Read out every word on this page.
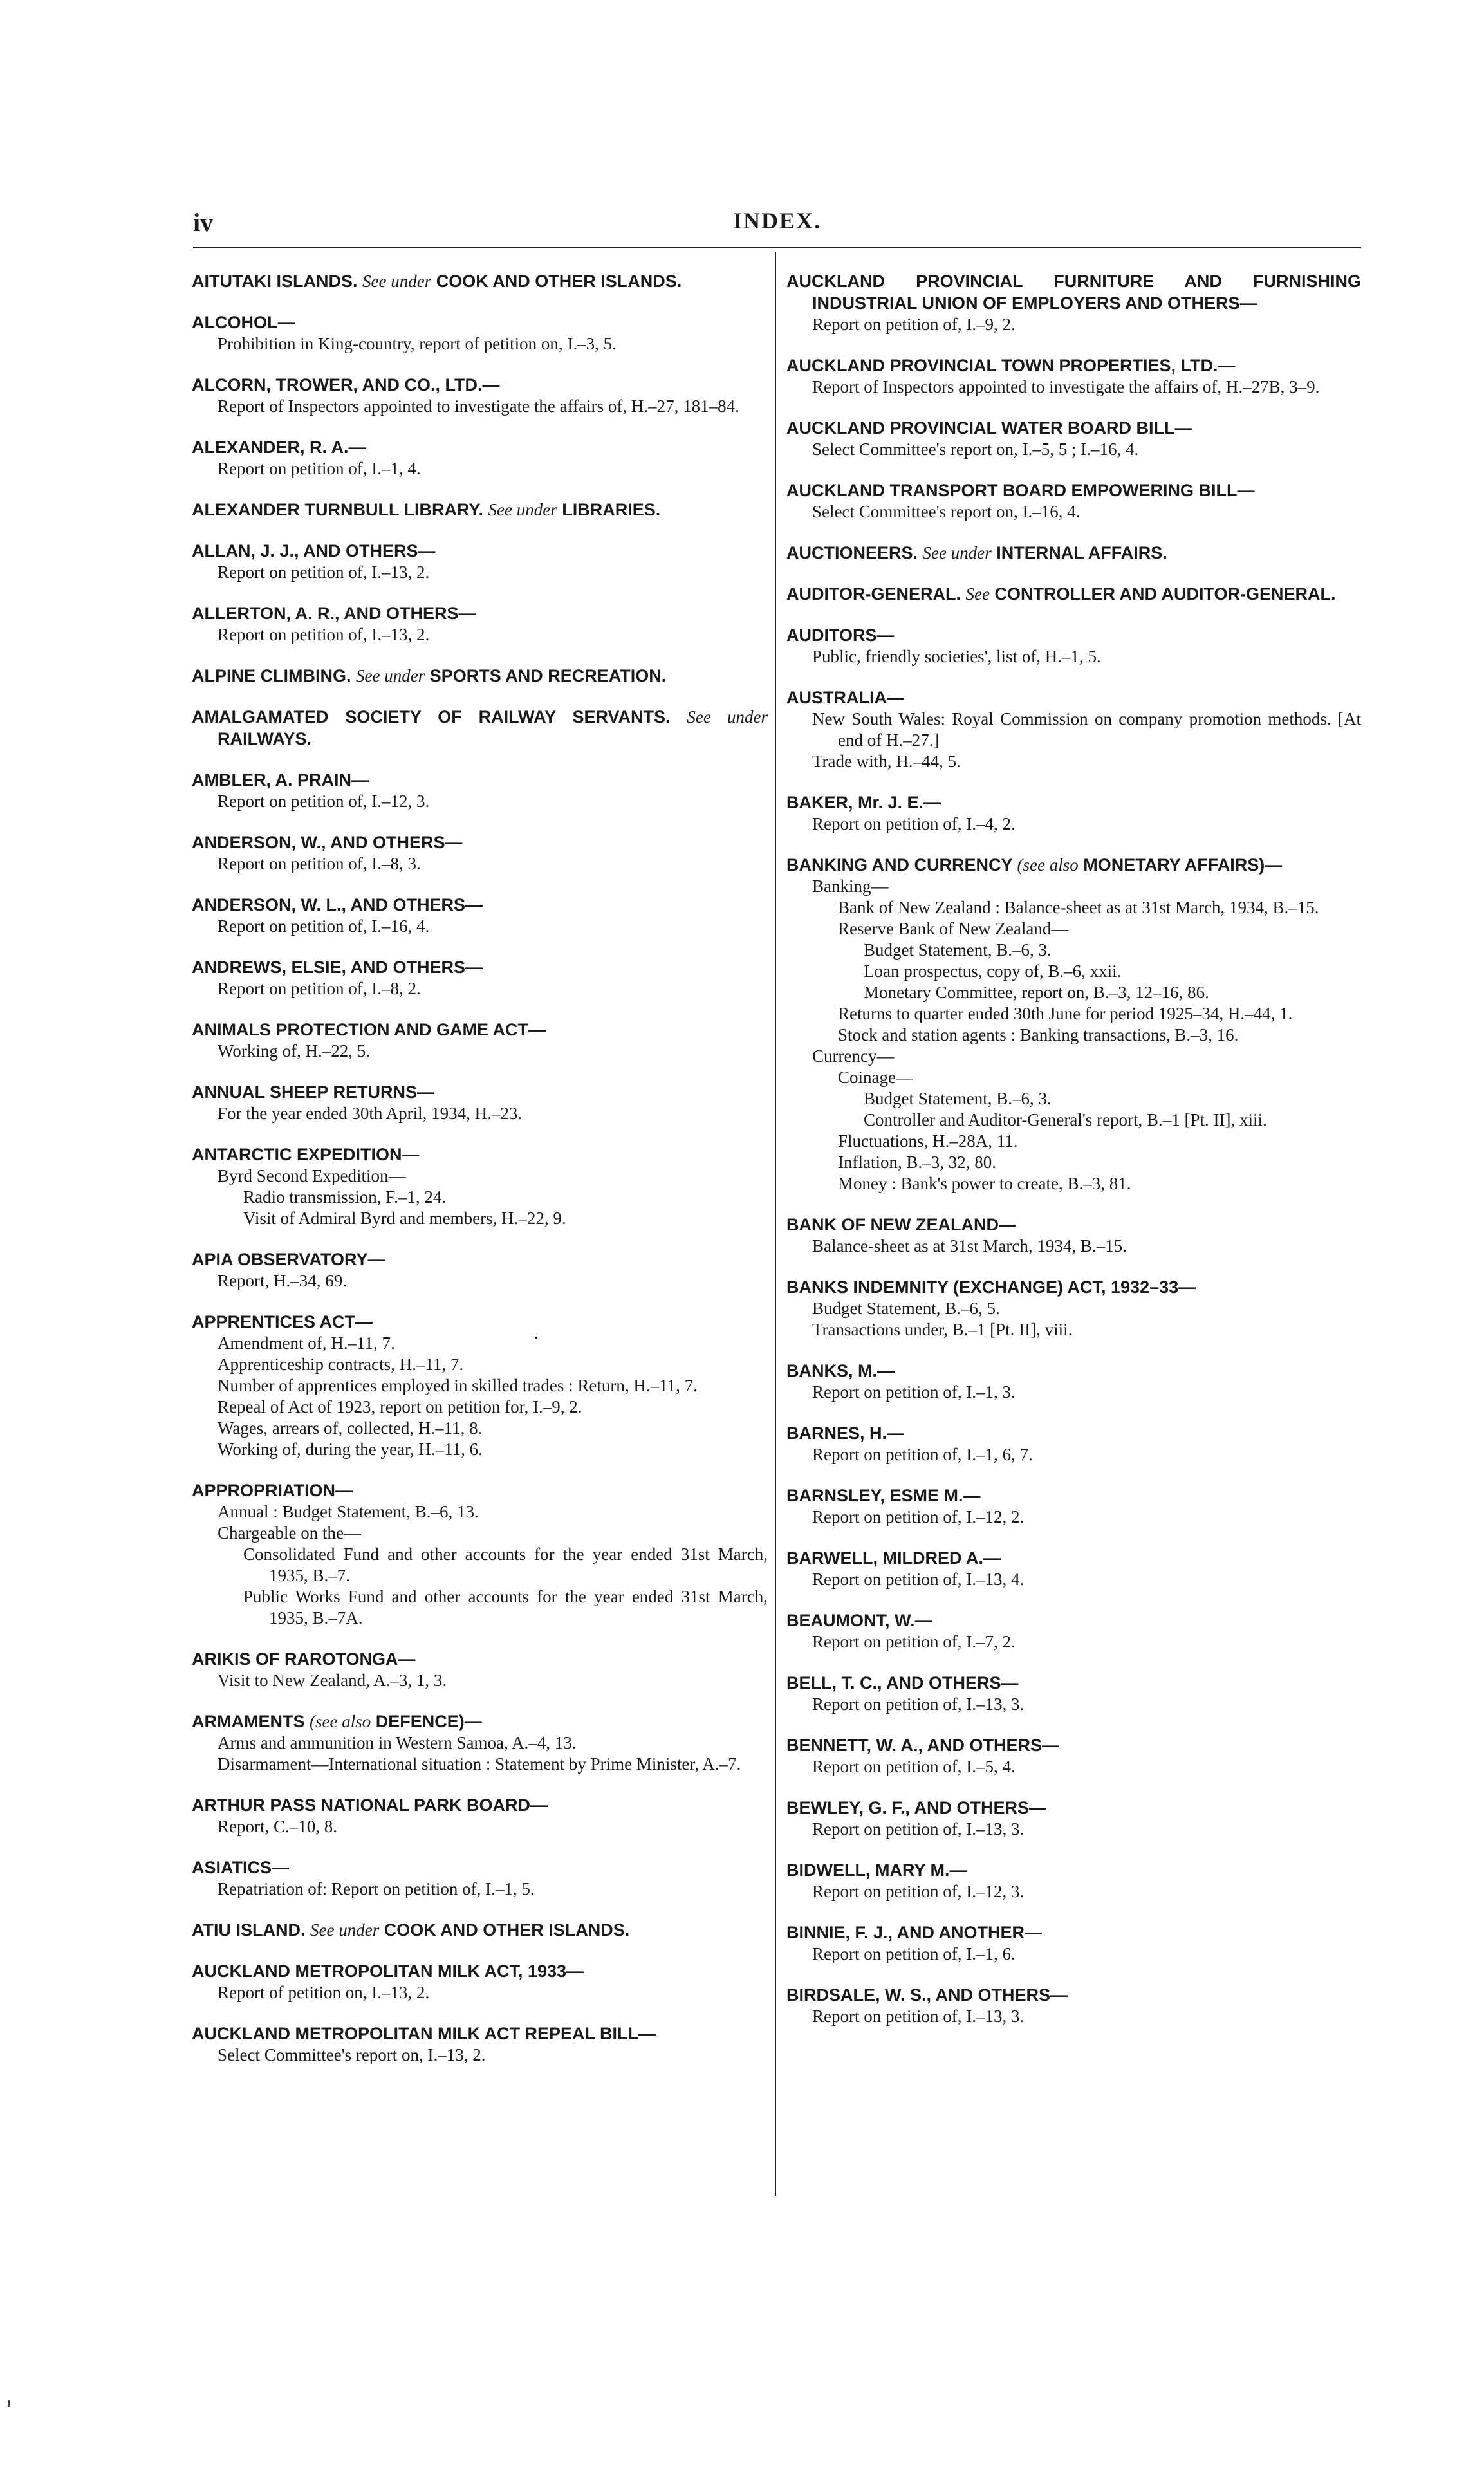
iv	INDEX.
AITUTAKI ISLANDS. See under COOK AND OTHER ISLANDS.
ALCOHOL—
Prohibition in King-country, report of petition on, I.–3, 5.
ALCORN, TROWER, AND CO., LTD.—
Report of Inspectors appointed to investigate the affairs of, H.–27, 181–84.
ALEXANDER, R. A.—
Report on petition of, I.–1, 4.
ALEXANDER TURNBULL LIBRARY. See under LIBRARIES.
ALLAN, J. J., AND OTHERS—
Report on petition of, I.–13, 2.
ALLERTON, A. R., AND OTHERS—
Report on petition of, I.–13, 2.
ALPINE CLIMBING. See under SPORTS AND RECREATION.
AMALGAMATED SOCIETY OF RAILWAY SERVANTS. See under RAILWAYS.
AMBLER, A. PRAIN—
Report on petition of, I.–12, 3.
ANDERSON, W., AND OTHERS—
Report on petition of, I.–8, 3.
ANDERSON, W. L., AND OTHERS—
Report on petition of, I.–16, 4.
ANDREWS, ELSIE, AND OTHERS—
Report on petition of, I.–8, 2.
ANIMALS PROTECTION AND GAME ACT—
Working of, H.–22, 5.
ANNUAL SHEEP RETURNS—
For the year ended 30th April, 1934, H.–23.
ANTARCTIC EXPEDITION—
Byrd Second Expedition—
Radio transmission, F.–1, 24.
Visit of Admiral Byrd and members, H.–22, 9.
APIA OBSERVATORY—
Report, H.–34, 69.
APPRENTICES ACT—
Amendment of, H.–11, 7.
Apprenticeship contracts, H.–11, 7.
Number of apprentices employed in skilled trades : Return, H.–11, 7.
Repeal of Act of 1923, report on petition for, I.–9, 2.
Wages, arrears of, collected, H.–11, 8.
Working of, during the year, H.–11, 6.
APPROPRIATION—
Annual : Budget Statement, B.–6, 13.
Chargeable on the—
Consolidated Fund and other accounts for the year ended 31st March, 1935, B.–7.
Public Works Fund and other accounts for the year ended 31st March, 1935, B.–7A.
ARIKIS OF RAROTONGA—
Visit to New Zealand, A.–3, 1, 3.
ARMAMENTS (see also DEFENCE)—
Arms and ammunition in Western Samoa, A.–4, 13.
Disarmament—International situation : Statement by Prime Minister, A.–7.
ARTHUR PASS NATIONAL PARK BOARD—
Report, C.–10, 8.
ASIATICS—
Repatriation of: Report on petition of, I.–1, 5.
ATIU ISLAND. See under COOK AND OTHER ISLANDS.
AUCKLAND METROPOLITAN MILK ACT, 1933—
Report of petition on, I.–13, 2.
AUCKLAND METROPOLITAN MILK ACT REPEAL BILL—
Select Committee's report on, I.–13, 2.
AUCKLAND PROVINCIAL FURNITURE AND FURNISHING INDUSTRIAL UNION OF EMPLOYERS AND OTHERS—
Report on petition of, I.–9, 2.
AUCKLAND PROVINCIAL TOWN PROPERTIES, LTD.—
Report of Inspectors appointed to investigate the affairs of, H.–27B, 3–9.
AUCKLAND PROVINCIAL WATER BOARD BILL—
Select Committee's report on, I.–5, 5 ; I.–16, 4.
AUCKLAND TRANSPORT BOARD EMPOWERING BILL—
Select Committee's report on, I.–16, 4.
AUCTIONEERS. See under INTERNAL AFFAIRS.
AUDITOR-GENERAL. See CONTROLLER AND AUDITOR-GENERAL.
AUDITORS—
Public, friendly societies', list of, H.–1, 5.
AUSTRALIA—
New South Wales: Royal Commission on company promotion methods. [At end of H.–27.]
Trade with, H.–44, 5.
BAKER, Mr. J. E.—
Report on petition of, I.–4, 2.
BANKING AND CURRENCY (see also MONETARY AFFAIRS)—
Banking—
Bank of New Zealand : Balance-sheet as at 31st March, 1934, B.–15.
Reserve Bank of New Zealand—
Budget Statement, B.–6, 3.
Loan prospectus, copy of, B.–6, xxii.
Monetary Committee, report on, B.–3, 12–16, 86.
Returns to quarter ended 30th June for period 1925–34, H.–44, 1.
Stock and station agents : Banking transactions, B.–3, 16.
Currency—
Coinage—
Budget Statement, B.–6, 3.
Controller and Auditor-General's report, B.–1 [Pt. II], xiii.
Fluctuations, H.–28A, 11.
Inflation, B.–3, 32, 80.
Money : Bank's power to create, B.–3, 81.
BANK OF NEW ZEALAND—
Balance-sheet as at 31st March, 1934, B.–15.
BANKS INDEMNITY (EXCHANGE) ACT, 1932–33—
Budget Statement, B.–6, 5.
Transactions under, B.–1 [Pt. II], viii.
BANKS, M.—
Report on petition of, I.–1, 3.
BARNES, H.—
Report on petition of, I.–1, 6, 7.
BARNSLEY, ESME M.—
Report on petition of, I.–12, 2.
BARWELL, MILDRED A.—
Report on petition of, I.–13, 4.
BEAUMONT, W.—
Report on petition of, I.–7, 2.
BELL, T. C., AND OTHERS—
Report on petition of, I.–13, 3.
BENNETT, W. A., AND OTHERS—
Report on petition of, I.–5, 4.
BEWLEY, G. F., AND OTHERS—
Report on petition of, I.–13, 3.
BIDWELL, MARY M.—
Report on petition of, I.–12, 3.
BINNIE, F. J., AND ANOTHER—
Report on petition of, I.–1, 6.
BIRDSALE, W. S., AND OTHERS—
Report on petition of, I.–13, 3.
